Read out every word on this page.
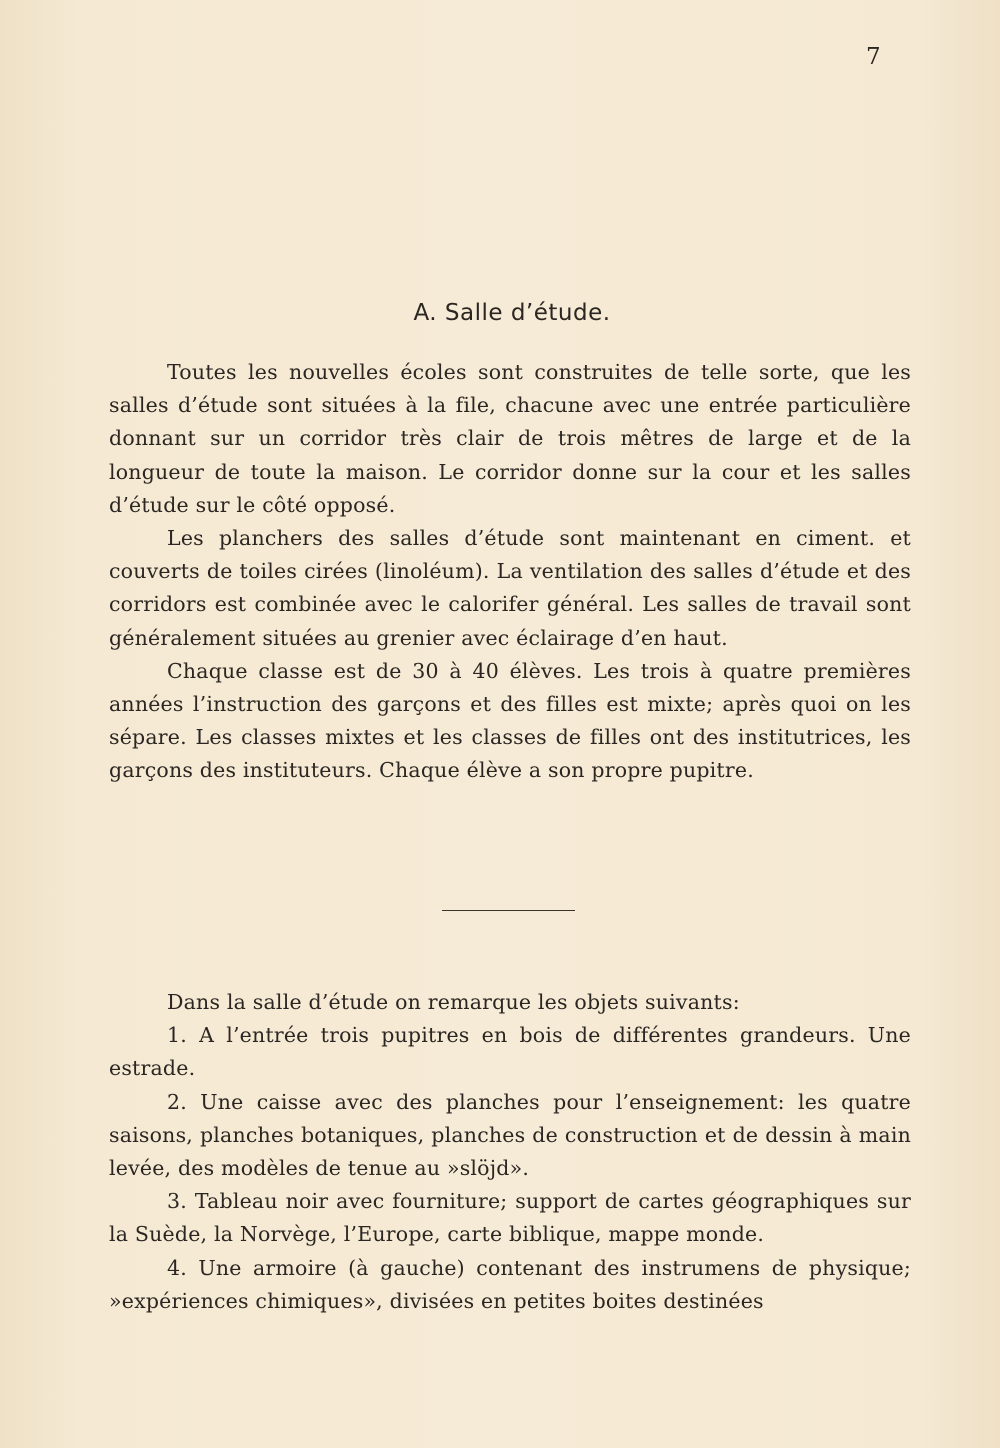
7
A. Salle d’étude.

Toutes les nouvelles écoles sont construites de telle sorte, que les salles d’étude sont situées à la file, chacune avec une entrée particulière donnant sur un corridor très clair de trois mêtres de large et de la longueur de toute la maison. Le corridor donne sur la cour et les salles d’étude sur le côté opposé.

Les planchers des salles d’étude sont maintenant en ciment. et couverts de toiles cirées (linoléum). La ventilation des salles d’étude et des corridors est combinée avec le calorifer général. Les salles de travail sont généralement situées au grenier avec éclairage d’en haut.

Chaque classe est de 30 à 40 élèves. Les trois à quatre premières années l’instruction des garçons et des filles est mixte; après quoi on les sépare. Les classes mixtes et les classes de filles ont des institutrices, les garçons des instituteurs. Chaque élève a son propre pupitre.

Dans la salle d’étude on remarque les objets suivants:

1. A l’entrée trois pupitres en bois de différentes grandeurs. Une estrade.

2. Une caisse avec des planches pour l’enseignement: les quatre saisons, planches botaniques, planches de construction et de dessin à main levée, des modèles de tenue au »slöjd».

3. Tableau noir avec fourniture; support de cartes géographiques sur la Suède, la Norvège, l’Europe, carte biblique, mappe monde.

4. Une armoire (à gauche) contenant des instrumens de physique; »expériences chimiques», divisées en petites boites destinées
